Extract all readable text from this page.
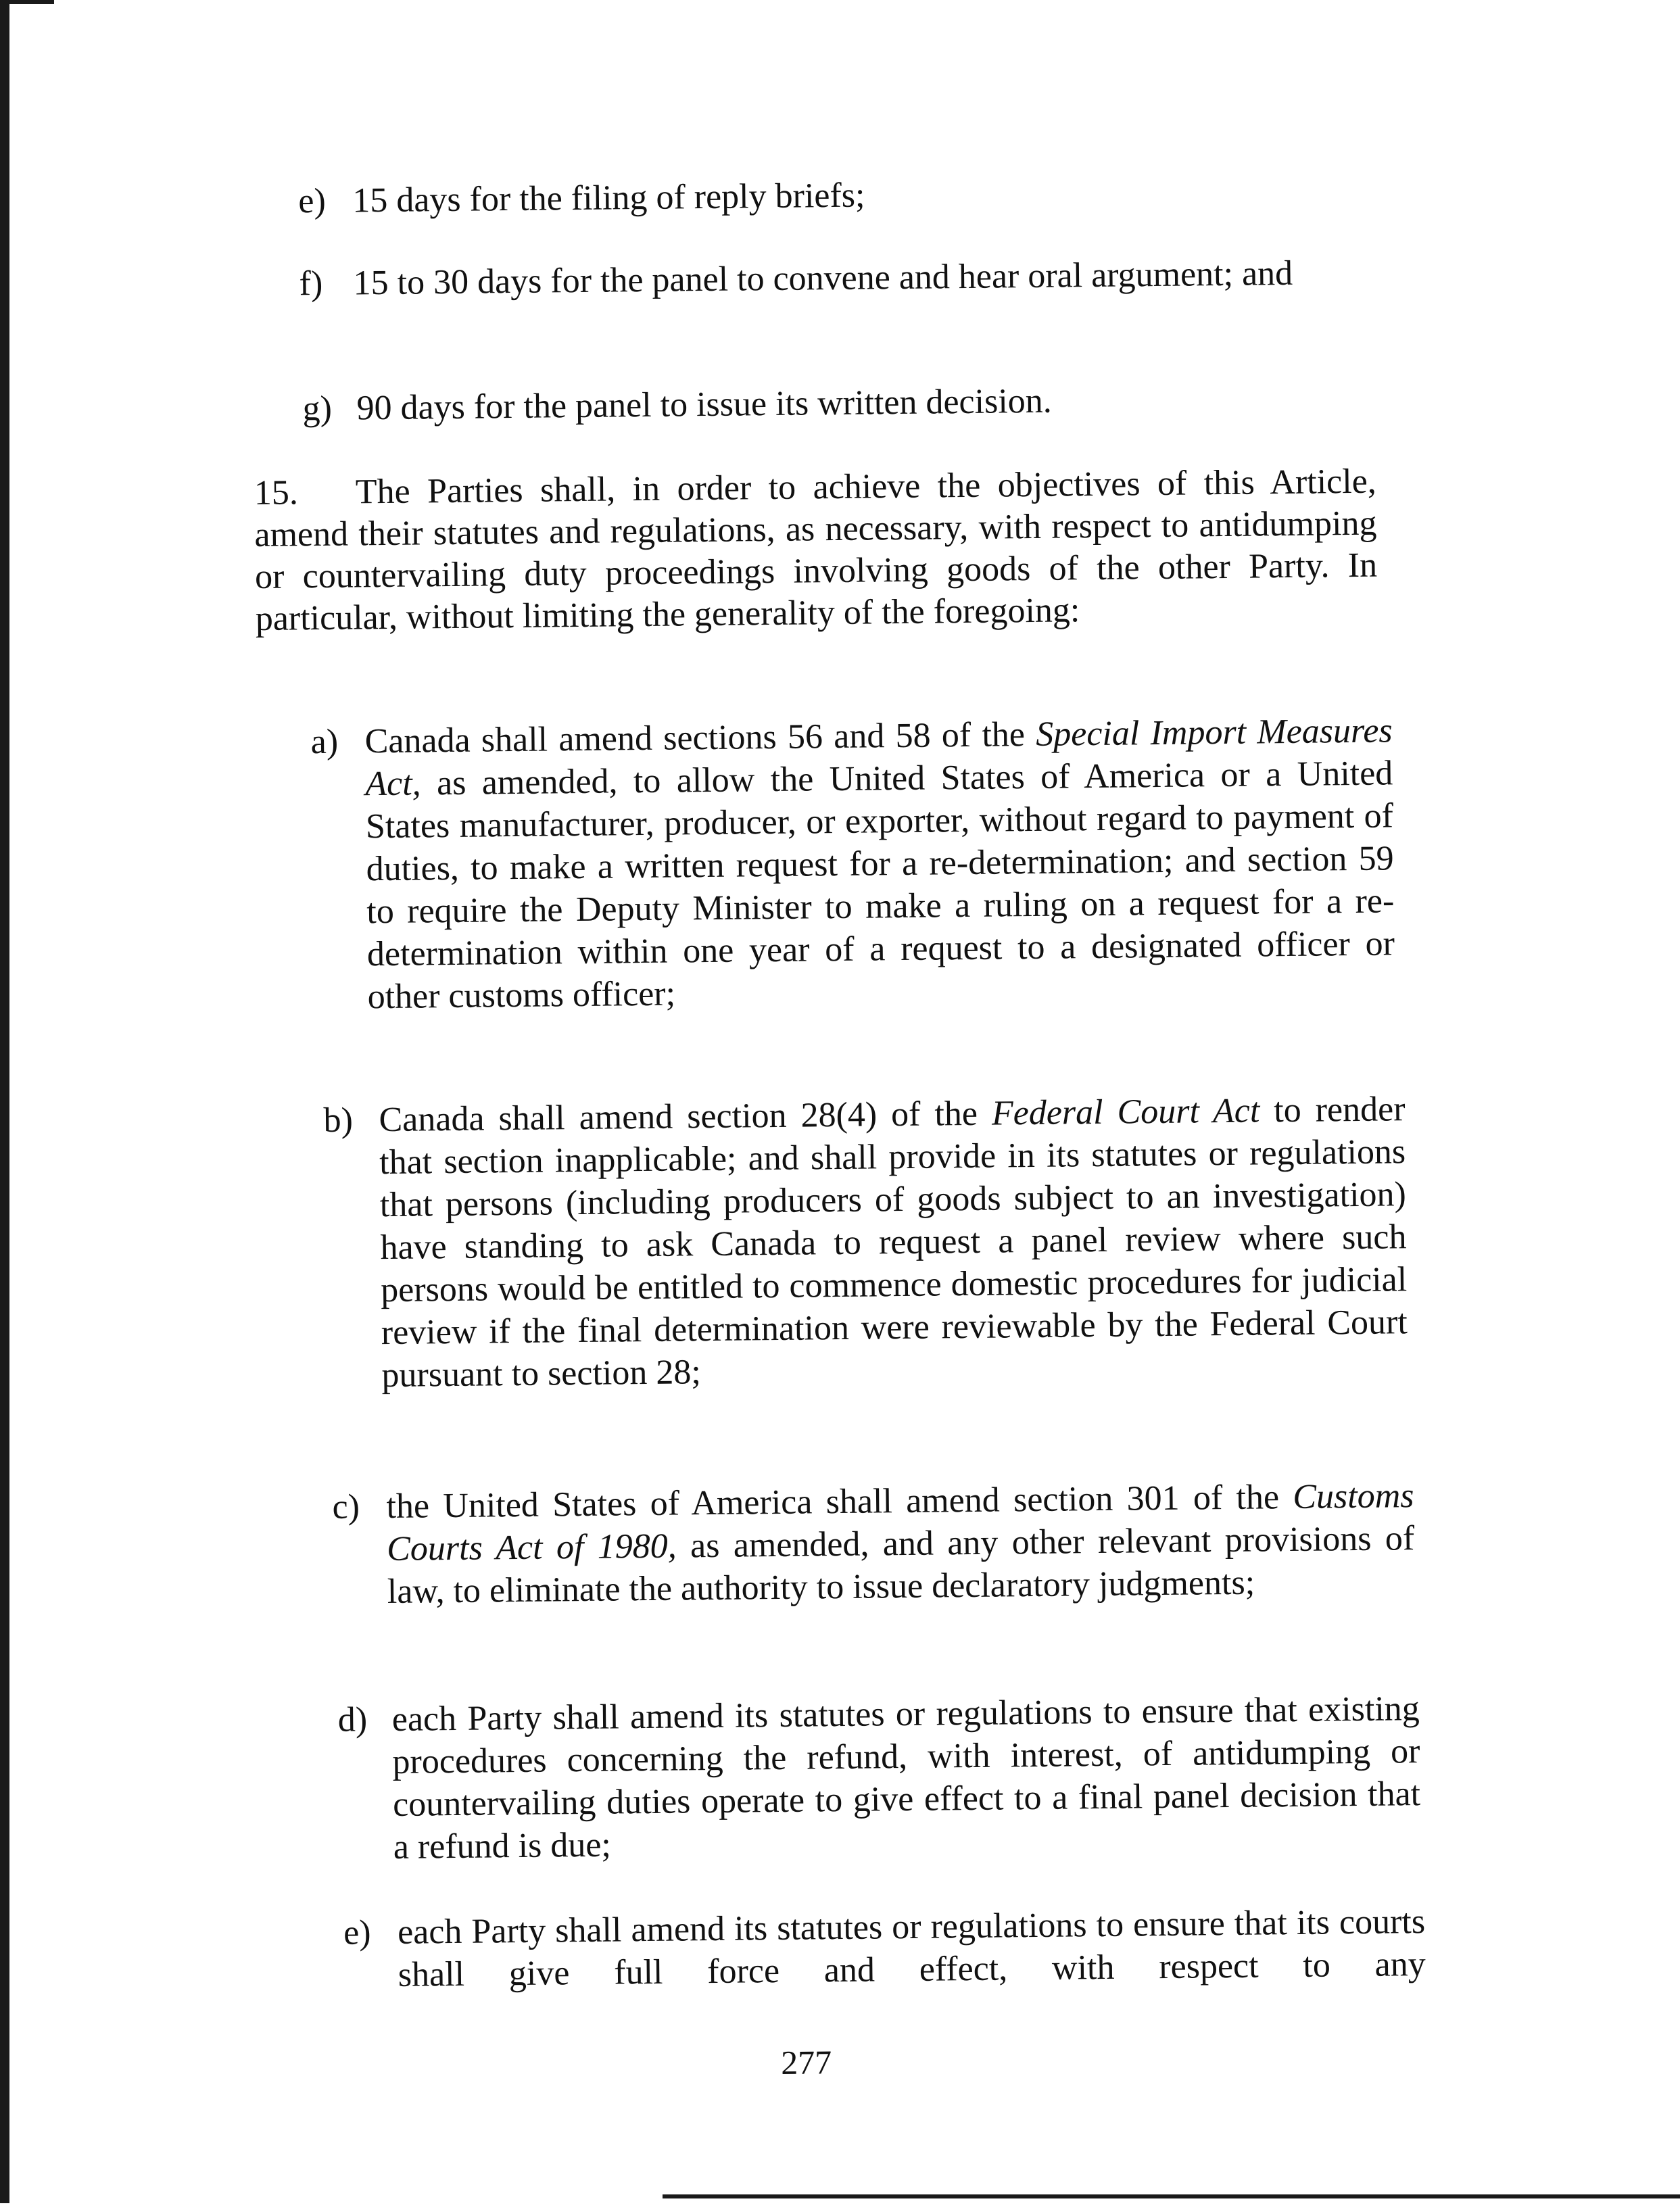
e) 15 days for the filing of reply briefs;
f) 15 to 30 days for the panel to convene and hear oral argument; and
g) 90 days for the panel to issue its written decision.
15. The Parties shall, in order to achieve the objectives of this Article, amend their statutes and regulations, as necessary, with respect to antidumping or countervailing duty proceedings involving goods of the other Party. In particular, without limiting the generality of the foregoing:
a) Canada shall amend sections 56 and 58 of the Special Import Measures Act, as amended, to allow the United States of America or a United States manufacturer, producer, or exporter, without regard to payment of duties, to make a written request for a re-determination; and section 59 to require the Deputy Minister to make a ruling on a request for a re-determination within one year of a request to a designated officer or other customs officer;
b) Canada shall amend section 28(4) of the Federal Court Act to render that section inapplicable; and shall provide in its statutes or regulations that persons (including producers of goods subject to an investigation) have standing to ask Canada to request a panel review where such persons would be entitled to commence domestic procedures for judicial review if the final determination were reviewable by the Federal Court pursuant to section 28;
c) the United States of America shall amend section 301 of the Customs Courts Act of 1980, as amended, and any other relevant provisions of law, to eliminate the authority to issue declaratory judgments;
d) each Party shall amend its statutes or regulations to ensure that existing procedures concerning the refund, with interest, of antidumping or countervailing duties operate to give effect to a final panel decision that a refund is due;
e) each Party shall amend its statutes or regulations to ensure that its courts shall give full force and effect, with respect to any
277
